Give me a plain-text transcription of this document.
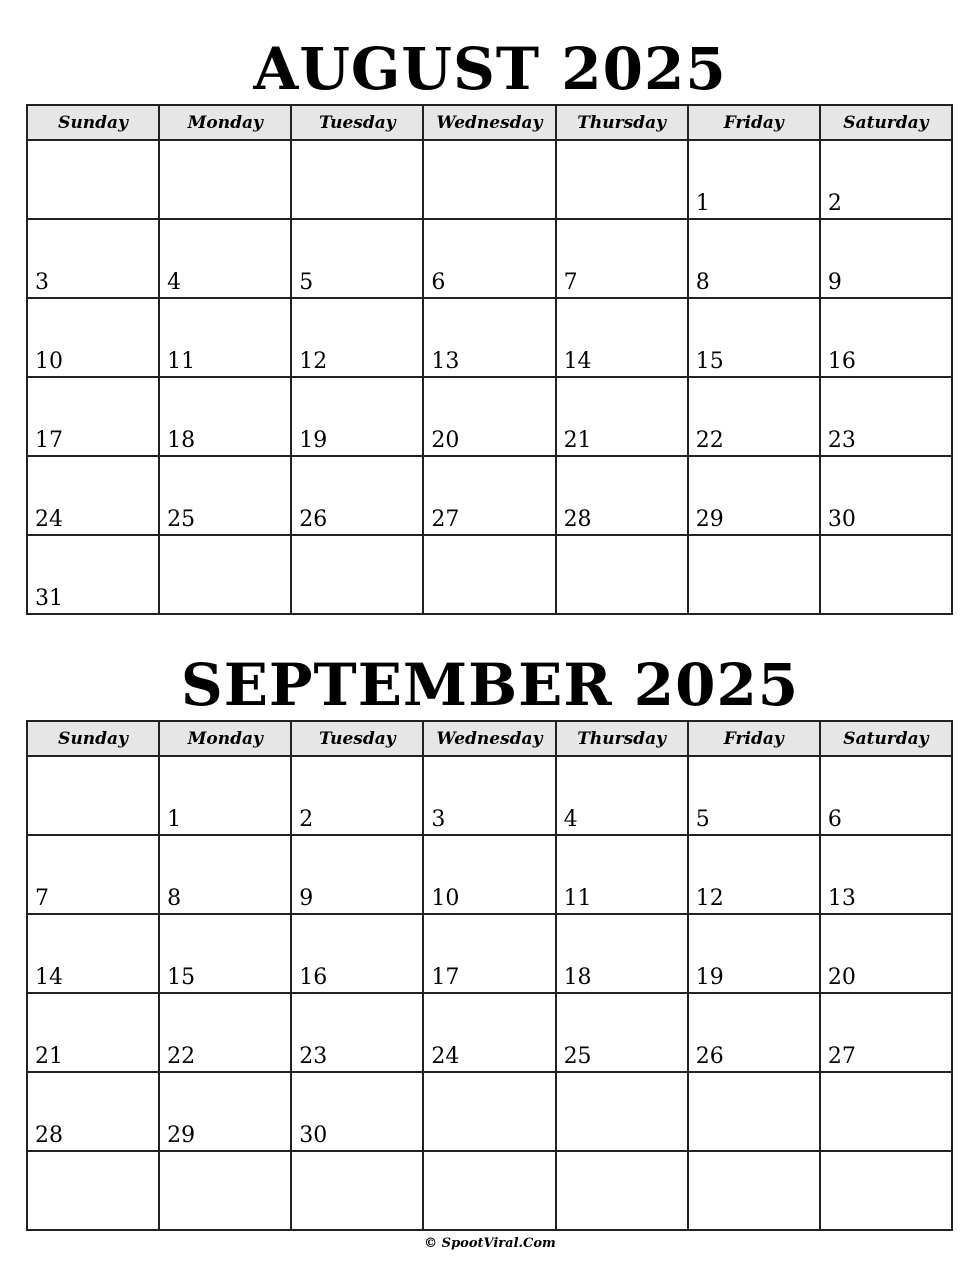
AUGUST 2025
Sunday	Monday	Tuesday	Wednesday	Thursday	Friday	Saturday
					1	2
3	4	5	6	7	8	9
10	11	12	13	14	15	16
17	18	19	20	21	22	23
24	25	26	27	28	29	30
31						
SEPTEMBER 2025
Sunday	Monday	Tuesday	Wednesday	Thursday	Friday	Saturday
	1	2	3	4	5	6
7	8	9	10	11	12	13
14	15	16	17	18	19	20
21	22	23	24	25	26	27
28	29	30				

© SpootViral.Com
